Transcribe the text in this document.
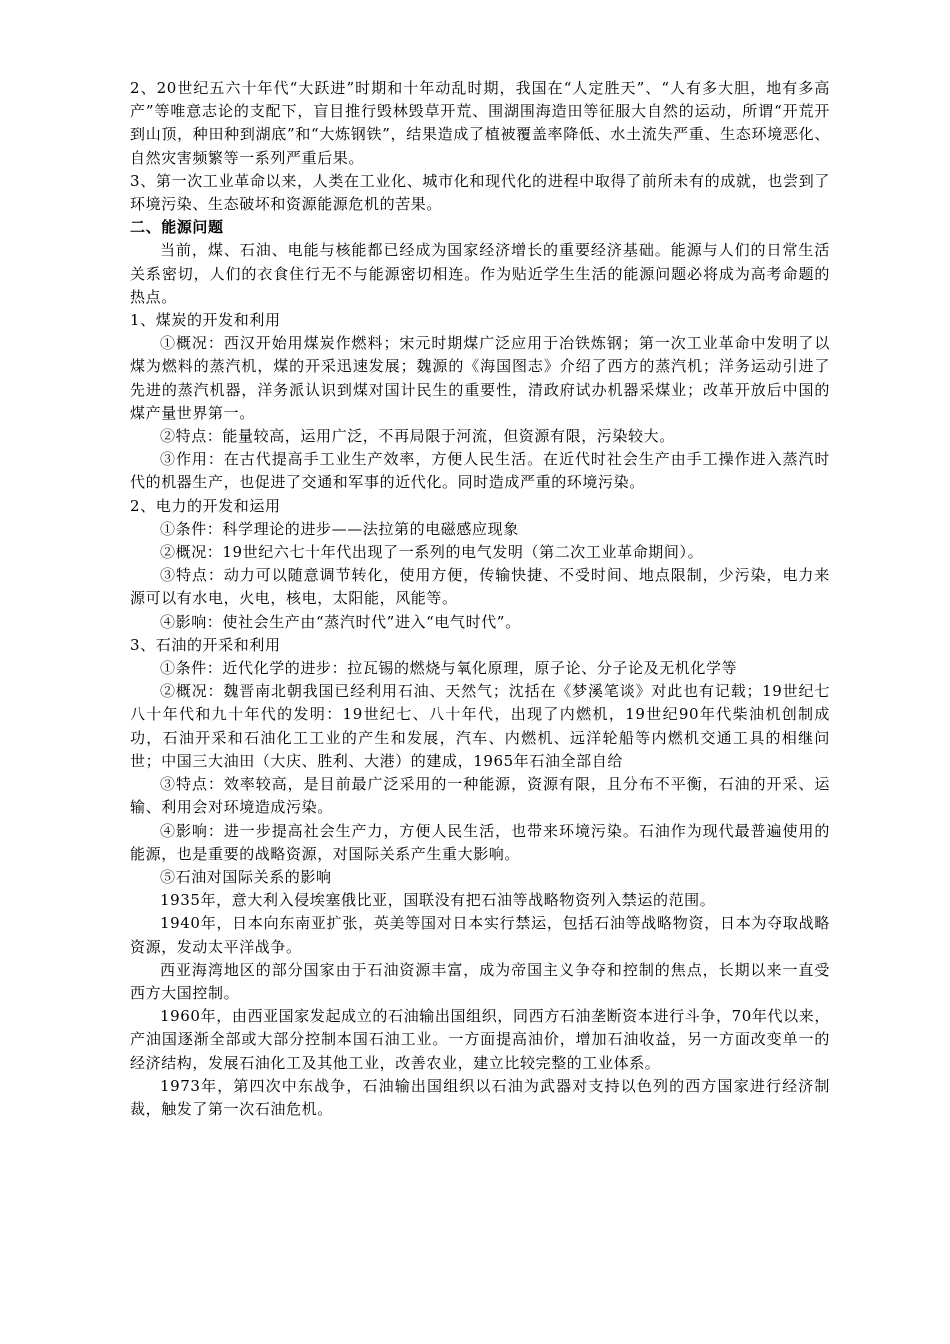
2、20世纪五六十年代“大跃进”时期和十年动乱时期，我国在“人定胜天”、“人有多大胆，地有多高产”等唯意志论的支配下，盲目推行毁林毁草开荒、围湖围海造田等征服大自然的运动，所谓“开荒开到山顶，种田种到湖底”和“大炼钢铁”，结果造成了植被覆盖率降低、水土流失严重、生态环境恶化、自然灾害频繁等一系列严重后果。

3、第一次工业革命以来，人类在工业化、城市化和现代化的进程中取得了前所未有的成就，也尝到了环境污染、生态破坏和资源能源危机的苦果。

二、能源问题

当前，煤、石油、电能与核能都已经成为国家经济增长的重要经济基础。能源与人们的日常生活关系密切，人们的衣食住行无不与能源密切相连。作为贴近学生生活的能源问题必将成为高考命题的热点。

1、煤炭的开发和利用

①概况：西汉开始用煤炭作燃料；宋元时期煤广泛应用于冶铁炼钢；第一次工业革命中发明了以煤为燃料的蒸汽机，煤的开采迅速发展；魏源的《海国图志》介绍了西方的蒸汽机；洋务运动引进了先进的蒸汽机器，洋务派认识到煤对国计民生的重要性，清政府试办机器采煤业；改革开放后中国的煤产量世界第一。

②特点：能量较高，运用广泛，不再局限于河流，但资源有限，污染较大。

③作用：在古代提高手工业生产效率，方便人民生活。在近代时社会生产由手工操作进入蒸汽时代的机器生产，也促进了交通和军事的近代化。同时造成严重的环境污染。

2、电力的开发和运用

①条件：科学理论的进步——法拉第的电磁感应现象

②概况：19世纪六七十年代出现了一系列的电气发明（第二次工业革命期间）。

③特点：动力可以随意调节转化，使用方便，传输快捷、不受时间、地点限制，少污染，电力来源可以有水电，火电，核电，太阳能，风能等。

④影响：使社会生产由“蒸汽时代”进入“电气时代”。

3、石油的开采和利用

①条件：近代化学的进步：拉瓦锡的燃烧与氧化原理，原子论、分子论及无机化学等

②概况：魏晋南北朝我国已经利用石油、天然气；沈括在《梦溪笔谈》对此也有记载；19世纪七八十年代和九十年代的发明：19世纪七、八十年代，出现了内燃机，19世纪90年代柴油机创制成功，石油开采和石油化工工业的产生和发展，汽车、内燃机、远洋轮船等内燃机交通工具的相继问世；中国三大油田（大庆、胜利、大港）的建成，1965年石油全部自给

③特点：效率较高，是目前最广泛采用的一种能源，资源有限，且分布不平衡，石油的开采、运输、利用会对环境造成污染。

④影响：进一步提高社会生产力，方便人民生活，也带来环境污染。石油作为现代最普遍使用的能源，也是重要的战略资源，对国际关系产生重大影响。

⑤石油对国际关系的影响

1935年，意大利入侵埃塞俄比亚，国联没有把石油等战略物资列入禁运的范围。

1940年，日本向东南亚扩张，英美等国对日本实行禁运，包括石油等战略物资，日本为夺取战略资源，发动太平洋战争。

西亚海湾地区的部分国家由于石油资源丰富，成为帝国主义争夺和控制的焦点，长期以来一直受西方大国控制。

1960年，由西亚国家发起成立的石油输出国组织，同西方石油垄断资本进行斗争，70年代以来，产油国逐渐全部或大部分控制本国石油工业。一方面提高油价，增加石油收益，另一方面改变单一的经济结构，发展石油化工及其他工业，改善农业，建立比较完整的工业体系。

1973年，第四次中东战争，石油输出国组织以石油为武器对支持以色列的西方国家进行经济制裁，触发了第一次石油危机。
